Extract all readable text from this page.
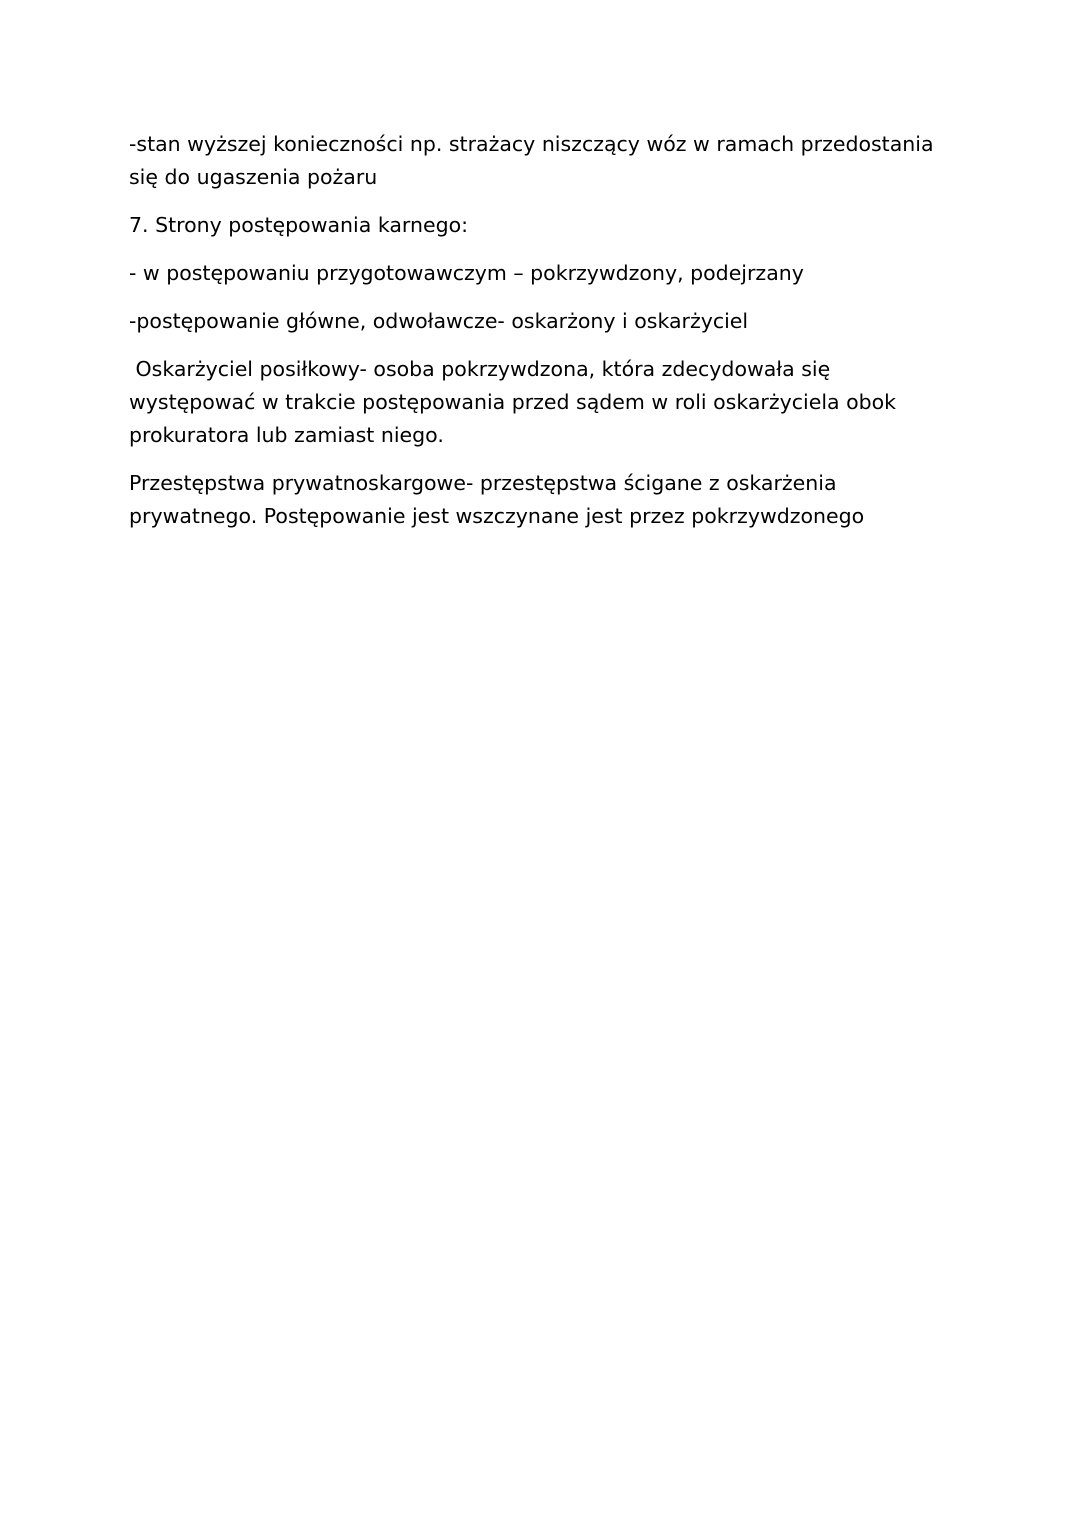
-stan wyższej konieczności np. strażacy niszczący wóz w ramach przedostania
się do ugaszenia pożaru

7. Strony postępowania karnego:

- w postępowaniu przygotowawczym – pokrzywdzony, podejrzany

-postępowanie główne, odwoławcze- oskarżony i oskarżyciel

Oskarżyciel posiłkowy- osoba pokrzywdzona, która zdecydowała się
występować w trakcie postępowania przed sądem w roli oskarżyciela obok
prokuratora lub zamiast niego.

Przestępstwa prywatnoskargowe- przestępstwa ścigane z oskarżenia
prywatnego. Postępowanie jest wszczynane jest przez pokrzywdzonego
